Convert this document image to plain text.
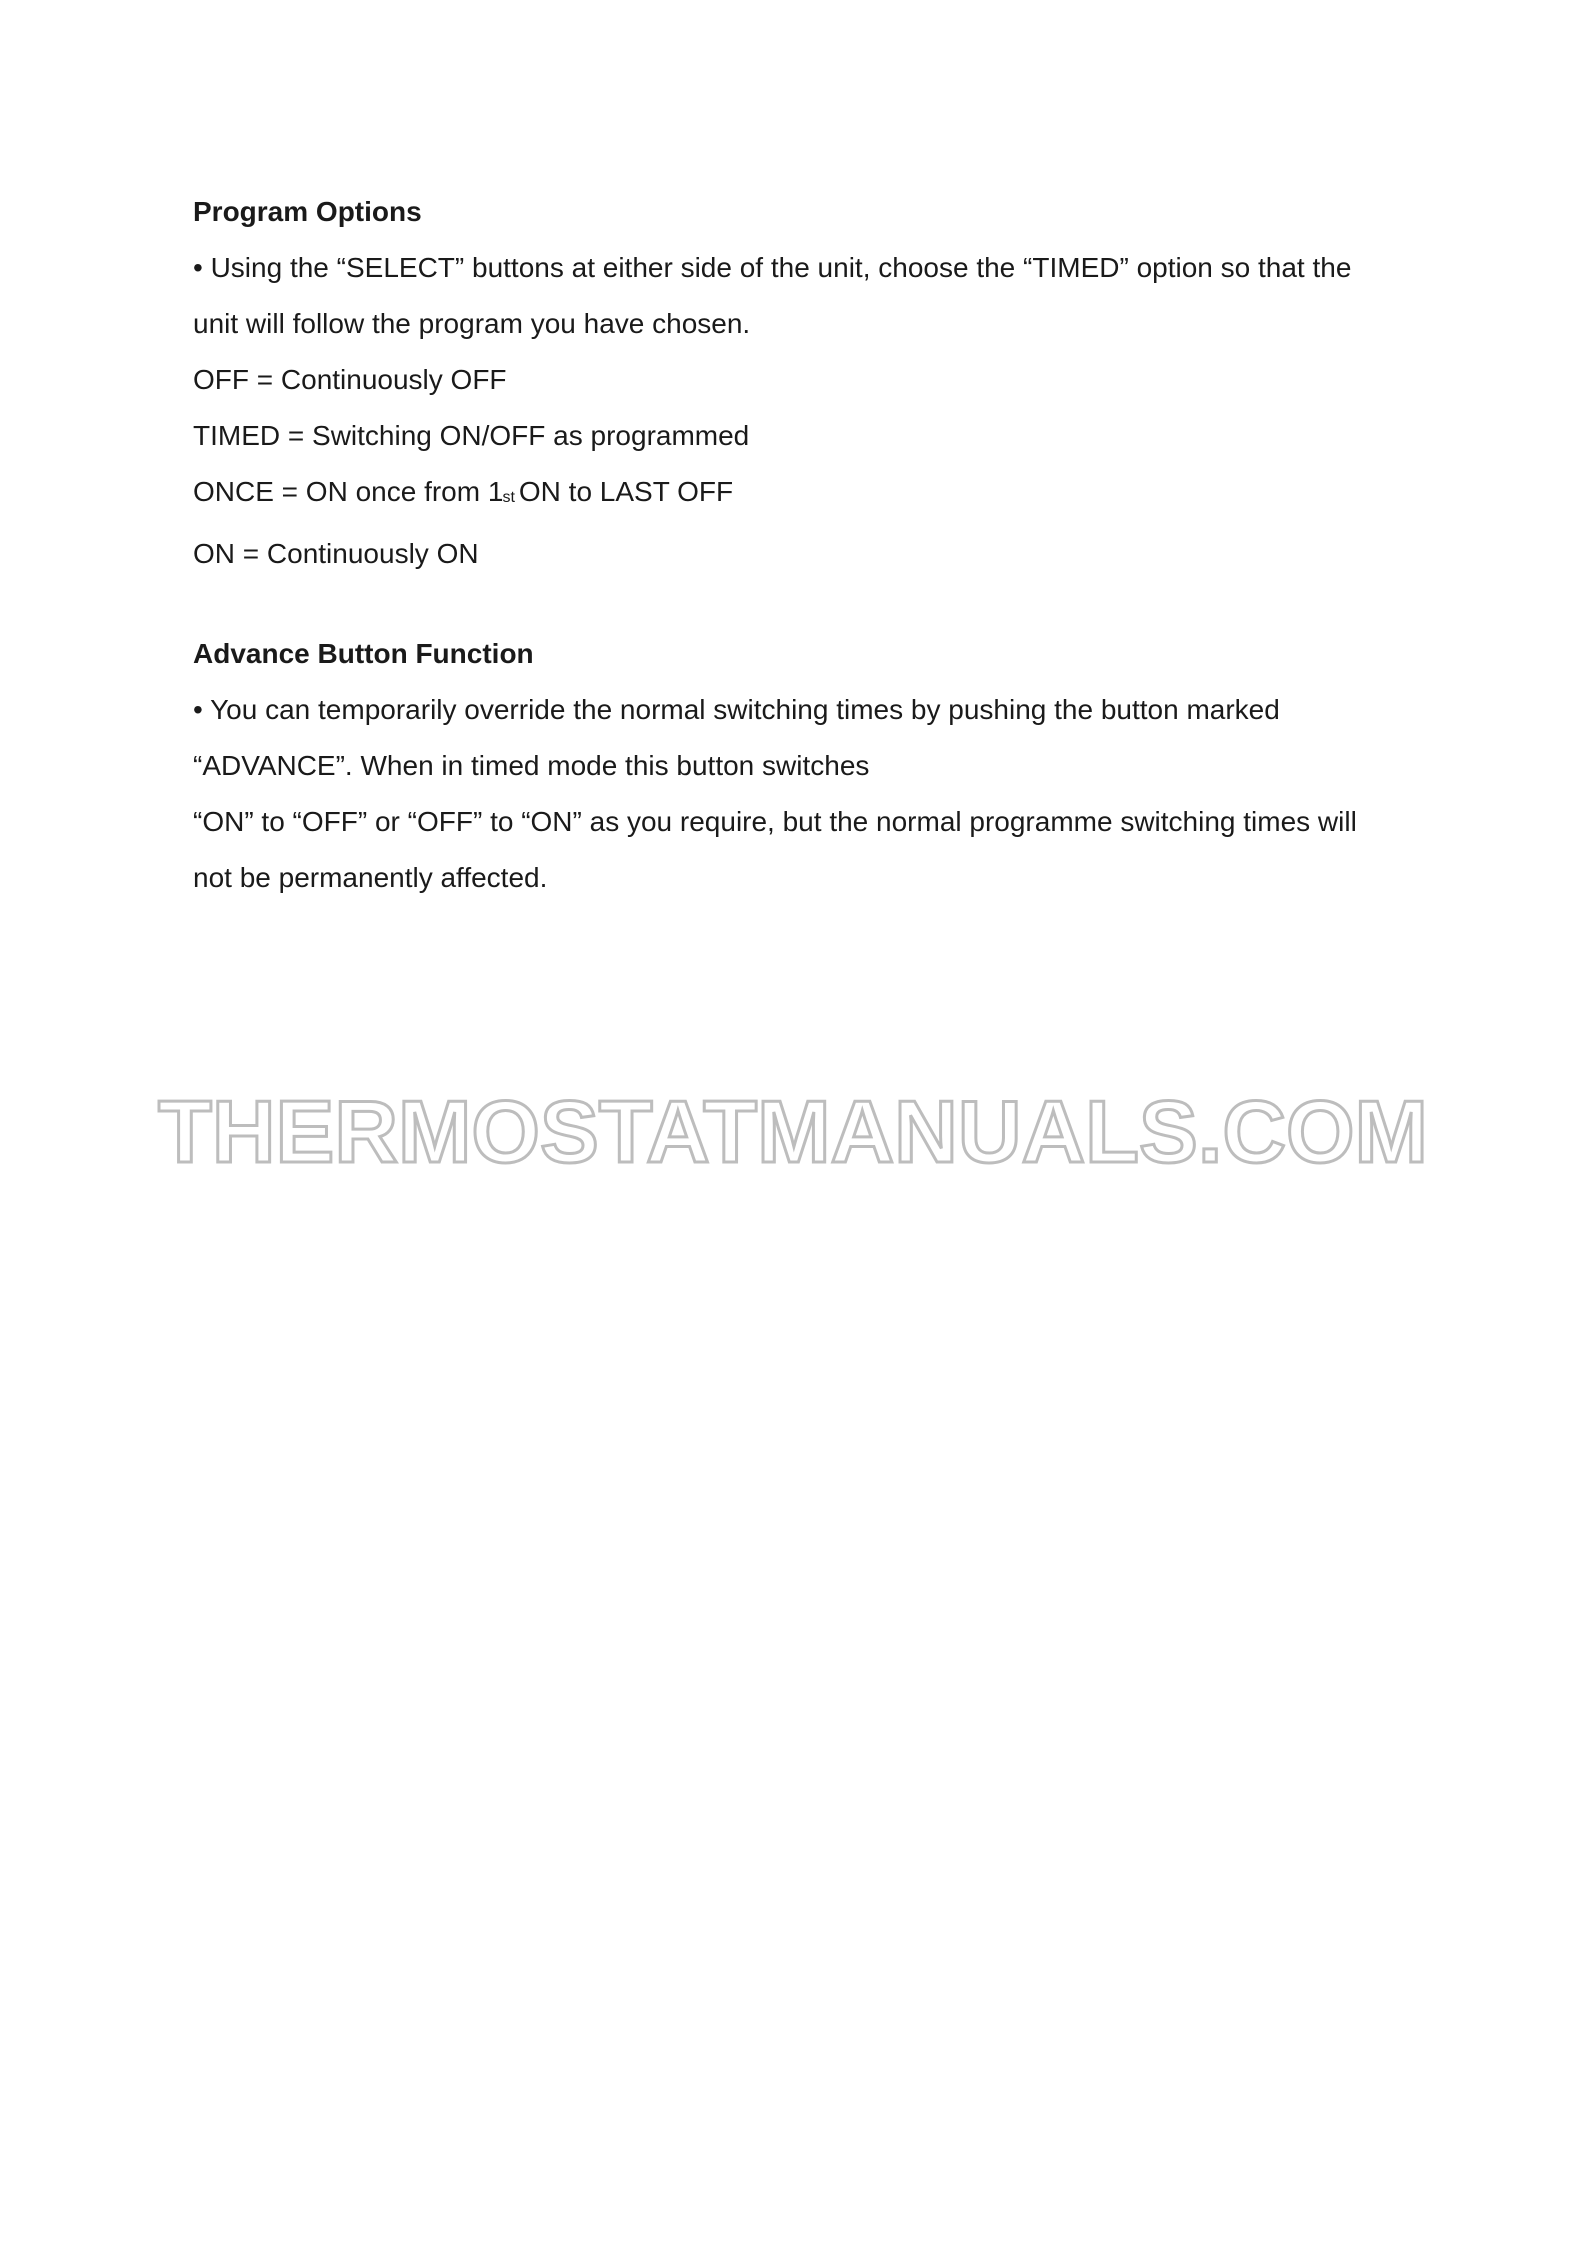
Program Options

• Using the “SELECT” buttons at either side of the unit, choose the “TIMED” option so that the

unit will follow the program you have chosen.

OFF = Continuously OFF

TIMED = Switching ON/OFF as programmed

ONCE = ON once from 1st ON to LAST OFF

ON = Continuously ON

Advance Button Function

• You can temporarily override the normal switching times by pushing the button marked

“ADVANCE”. When in timed mode this button switches

“ON” to “OFF” or “OFF” to “ON” as you require, but the normal programme switching times will

not be permanently affected.

THERMOSTATMANUALS.COM
